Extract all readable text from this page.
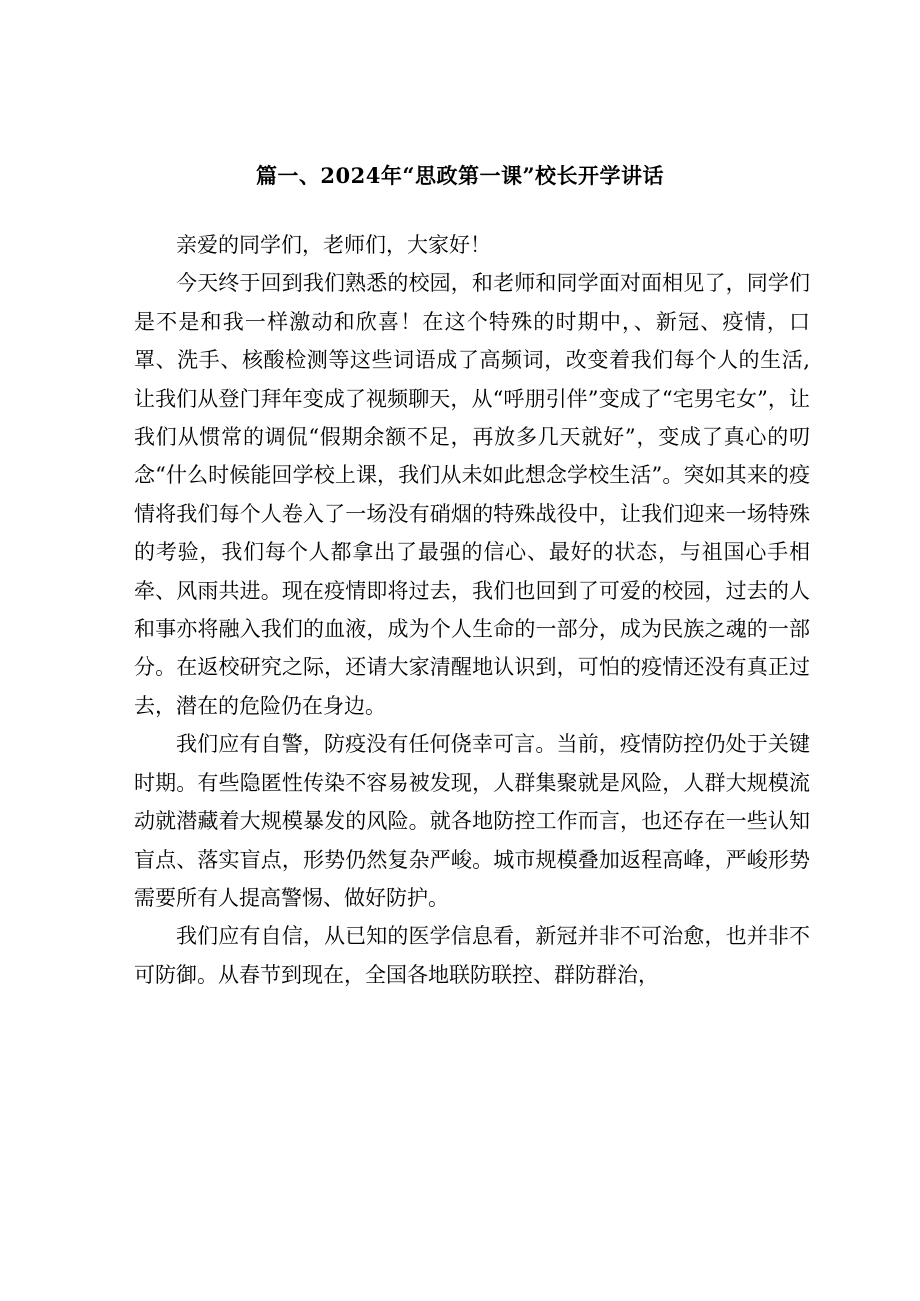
篇一、2024年“思政第一课”校长开学讲话

亲爱的同学们，老师们，大家好！

今天终于回到我们熟悉的校园，和老师和同学面对面相见了，同学们是不是和我一样激动和欣喜！在这个特殊的时期中，、新冠、疫情，口罩、洗手、核酸检测等这些词语成了高频词，改变着我们每个人的生活,让我们从登门拜年变成了视频聊天，从“呼朋引伴”变成了“宅男宅女”，让我们从惯常的调侃“假期余额不足，再放多几天就好”，变成了真心的叨念“什么时候能回学校上课，我们从未如此想念学校生活”。突如其来的疫情将我们每个人卷入了一场没有硝烟的特殊战役中，让我们迎来一场特殊的考验，我们每个人都拿出了最强的信心、最好的状态，与祖国心手相牵、风雨共进。现在疫情即将过去，我们也回到了可爱的校园，过去的人和事亦将融入我们的血液，成为个人生命的一部分，成为民族之魂的一部分。在返校研究之际，还请大家清醒地认识到，可怕的疫情还没有真正过去，潜在的危险仍在身边。

我们应有自警，防疫没有任何侥幸可言。当前，疫情防控仍处于关键时期。有些隐匿性传染不容易被发现，人群集聚就是风险，人群大规模流动就潜藏着大规模暴发的风险。就各地防控工作而言，也还存在一些认知盲点、落实盲点，形势仍然复杂严峻。城市规模叠加返程高峰，严峻形势需要所有人提高警惕、做好防护。

我们应有自信，从已知的医学信息看，新冠并非不可治愈，也并非不可防御。从春节到现在，全国各地联防联控、群防群治，
